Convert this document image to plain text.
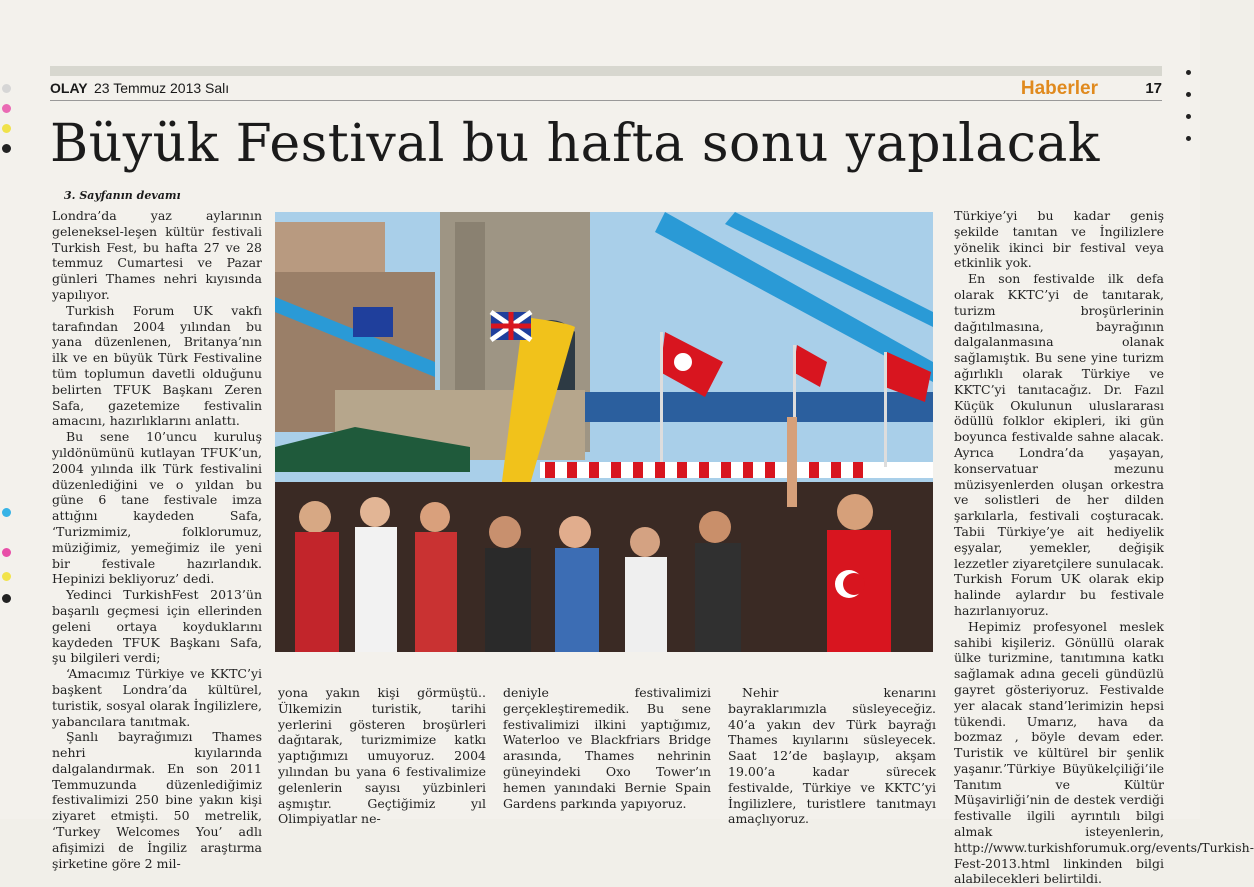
OLAY 23 Temmuz 2013 Salı	Haberler	17
Büyük Festival bu hafta sonu yapılacak
3. Sayfanın devamı

Londra’da yaz aylarının geleneksel-leşen kültür festivali Turkish Fest, bu hafta 27 ve 28 temmuz Cumartesi ve Pazar günleri Thames nehri kıyısında yapılıyor.

Turkish Forum UK vakfı tarafından 2004 yılından bu yana düzenlenen, Britanya’nın ilk ve en büyük Türk Festivaline tüm toplumun davetli olduğunu belirten TFUK Başkanı Zeren Safa, gazetemize festivalin amacını, hazırlıklarını anlattı.

Bu sene 10’uncu kuruluş yıldönümünü kutlayan TFUK’un, 2004 yılında ilk Türk festivalini düzenlediğini ve o yıldan bu güne 6 tane festivale imza attığını kaydeden Safa, ‘Turizmimiz, folklorumuz, müziğimiz, yemeğimiz ile yeni bir festivale hazırlandık. Hepinizi bekliyoruz’ dedi.

Yedinci TurkishFest 2013’ün başarılı geçmesi için ellerinden geleni ortaya koyduklarını kaydeden TFUK Başkanı Safa, şu bilgileri verdi;

‘Amacımız Türkiye ve KKTC’yi başkent Londra’da kültürel, turistik, sosyal olarak İngilizlere, yabancılara tanıtmak.

Şanlı bayrağımızı Thames nehri kıyılarında dalgalandırmak. En son 2011 Temmuzunda düzenlediğimiz festivalimizi 250 bine yakın kişi ziyaret etmişti. 50 metrelik, ‘Turkey Welcomes You’ adlı afişimizi de İngiliz araştırma şirketine göre 2 mil-

yona yakın kişi görmüştü.. Ülkemizin turistik, tarihi yerlerini gösteren broşürleri dağıtarak, turizmimize katkı yaptığımızı umuyoruz. 2004 yılından bu yana 6 festivalimize gelenlerin sayısı yüzbinleri aşmıştır. Geçtiğimiz yıl Olimpiyatlar ne-

deniyle festivalimizi gerçekleştiremedik. Bu sene festivalimizi ilkini yaptığımız, Waterloo ve Blackfriars Bridge arasında, Thames nehrinin güneyindeki Oxo Tower’ın hemen yanındaki Bernie Spain Gardens parkında yapıyoruz.

Nehir kenarını bayraklarımızla süsleyeceğiz. 40’a yakın dev Türk bayrağı Thames kıyılarını süsleyecek. Saat 12’de başlayıp, akşam 19.00’a kadar sürecek festivalde, Türkiye ve KKTC’yi İngilizlere, turistlere tanıtmayı amaçlıyoruz.

Türkiye’yi bu kadar geniş şekilde tanıtan ve İngilizlere yönelik ikinci bir festival veya etkinlik yok.

En son festivalde ilk defa olarak KKTC’yi de tanıtarak, turizm broşürlerinin dağıtılmasına, bayrağının dalgalanmasına olanak sağlamıştık. Bu sene yine turizm ağırlıklı olarak Türkiye ve KKTC’yi tanıtacağız. Dr. Fazıl Küçük Okulunun uluslararası ödüllü folklor ekipleri, iki gün boyunca festivalde sahne alacak. Ayrıca Londra’da yaşayan, konservatuar mezunu müzisyenlerden oluşan orkestra ve solistleri de her dilden şarkılarla, festivali coşturacak. Tabii Türkiye’ye ait hediyelik eşyalar, yemekler, değişik lezzetler ziyaretçilere sunulacak. Turkish Forum UK olarak ekip halinde aylardır bu festivale hazırlanıyoruz.

Hepimiz profesyonel meslek sahibi kişileriz. Gönüllü olarak ülke turizmine, tanıtımına katkı sağlamak adına geceli gündüzlü gayret gösteriyoruz. Festivalde yer alacak stand’lerimizin hepsi tükendi. Umarız, hava da bozmaz , böyle devam eder. Turistik ve kültürel bir şenlik yaşanır.’Türkiye Büyükelçiliği’ile Tanıtım ve Kültür Müşavirliği’nin de destek verdiği festivalle ilgili ayrıntılı bilgi almak isteyenlerin, http://www.turkishforumuk.org/events/Turkish-Fest-2013.html linkinden bilgi alabilecekleri belirtildi.
